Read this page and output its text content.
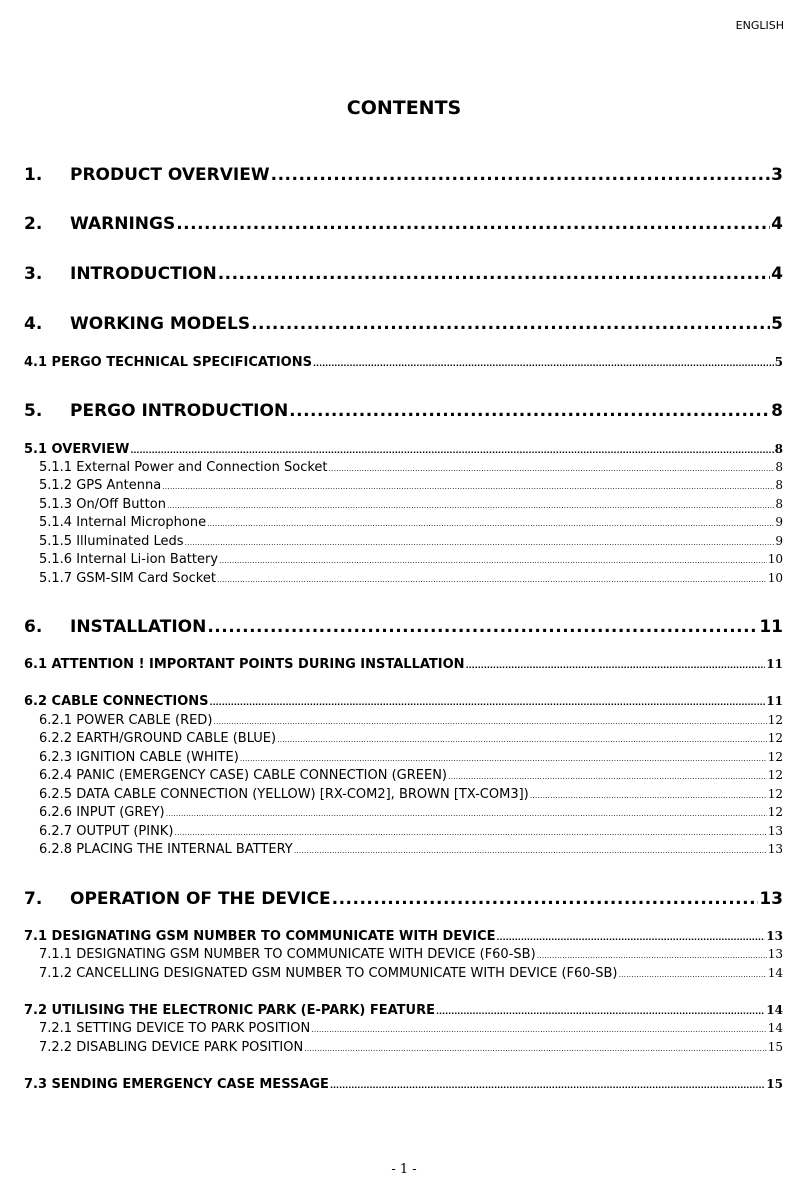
ENGLISH
CONTENTS
1. PRODUCT OVERVIEW .....	3
2. WARNINGS .....	4
3. INTRODUCTION .....	4
4. WORKING MODELS .....	5
4.1 PERGO TECHNICAL SPECIFICATIONS .....	5
5. PERGO INTRODUCTION .....	8
5.1 OVERVIEW .....	8
5.1.1 External Power and Connection Socket .....	8
5.1.2 GPS Antenna .....	8
5.1.3 On/Off Button .....	8
5.1.4 Internal Microphone .....	9
5.1.5 Illuminated Leds .....	9
5.1.6 Internal Li-ion Battery .....	10
5.1.7 GSM-SIM Card Socket .....	10
6. INSTALLATION .....	11
6.1 ATTENTION ! IMPORTANT POINTS DURING INSTALLATION .....	11
6.2 CABLE CONNECTIONS .....	11
6.2.1 POWER CABLE (RED) .....	12
6.2.2 EARTH/GROUND CABLE (BLUE) .....	12
6.2.3 IGNITION CABLE (WHITE) .....	12
6.2.4 PANIC (EMERGENCY CASE) CABLE CONNECTION (GREEN) .....	12
6.2.5 DATA CABLE CONNECTION (YELLOW) [RX-COM2], BROWN [TX-COM3]) .....	12
6.2.6 INPUT (GREY) .....	12
6.2.7 OUTPUT (PINK) .....	13
6.2.8 PLACING THE INTERNAL BATTERY .....	13
7. OPERATION OF THE DEVICE .....	13
7.1 DESIGNATING GSM NUMBER TO COMMUNICATE WITH DEVICE .....	13
7.1.1 DESIGNATING GSM NUMBER TO COMMUNICATE WITH DEVICE (F60-SB) .....	13
7.1.2 CANCELLING DESIGNATED GSM NUMBER TO COMMUNICATE WITH DEVICE (F60-SB) .....	14
7.2 UTILISING THE ELECTRONIC PARK (E-PARK) FEATURE .....	14
7.2.1 SETTING DEVICE TO PARK POSITION .....	14
7.2.2 DISABLING DEVICE PARK POSITION .....	15
7.3 SENDING EMERGENCY CASE MESSAGE .....	15
- 1 -
